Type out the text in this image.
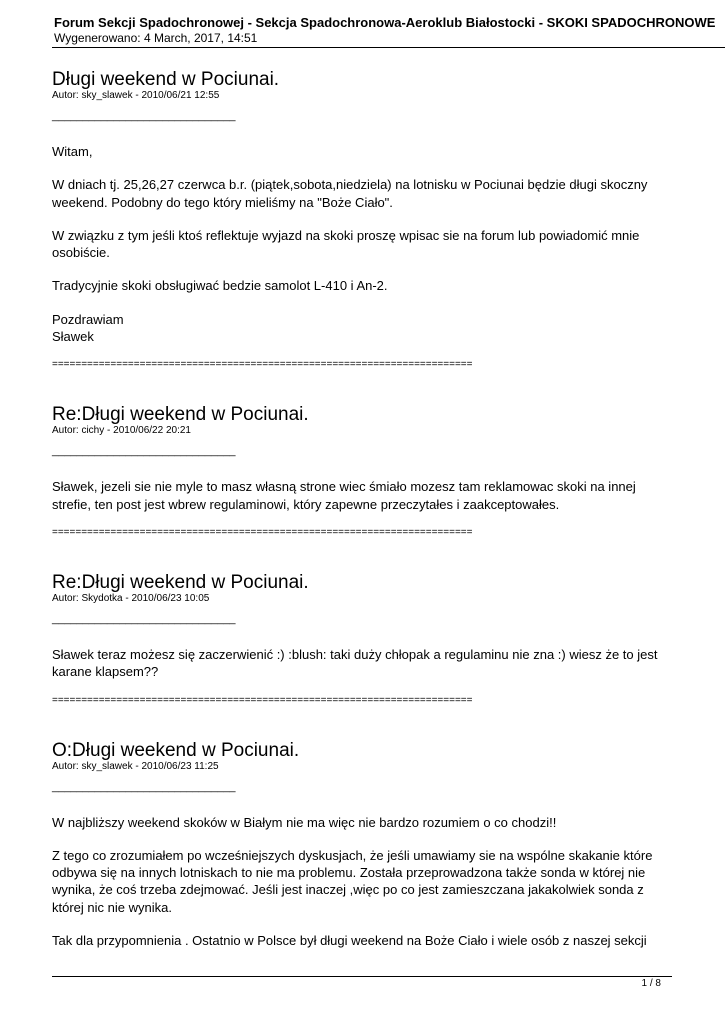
Forum Sekcji Spadochronowej - Sekcja Spadochronowa-Aeroklub Białostocki - SKOKI SPADOCHRONOWE
Wygenerowano: 4 March, 2017, 14:51
Długi weekend w Pociunai.
Autor: sky_slawek - 2010/06/21 12:55
______________________________

Witam,

W dniach tj. 25,26,27 czerwca b.r. (piątek,sobota,niedziela) na lotnisku w Pociunai będzie długi skoczny weekend. Podobny do tego który mieliśmy na "Boże Ciało".

W związku z tym jeśli ktoś reflektuje wyjazd na skoki proszę wpisac sie na forum lub powiadomić mnie osobiście.

Tradycyjnie skoki obsługiwać bedzie samolot L-410 i An-2.

Pozdrawiam
Sławek

========================================================================
Re:Długi weekend w Pociunai.
Autor: cichy - 2010/06/22 20:21
______________________________

Sławek, jezeli sie nie myle to masz własną strone wiec śmiało mozesz tam reklamowac skoki na innej strefie, ten post jest wbrew regulaminowi, który zapewne przeczytałes i zaakceptowałes.

========================================================================
Re:Długi weekend w Pociunai.
Autor: Skydotka - 2010/06/23 10:05
______________________________

Sławek teraz możesz się zaczerwienić :) :blush: taki duży chłopak a regulaminu nie zna :) wiesz że to jest karane klapsem??

========================================================================
O:Długi weekend w Pociunai.
Autor: sky_slawek - 2010/06/23 11:25
______________________________

W najbliższy weekend skoków w Białym nie ma więc nie bardzo rozumiem o co chodzi!!

Z tego co zrozumiałem po wcześniejszych dyskusjach, że jeśli umawiamy sie na wspólne skakanie które odbywa się na innych lotniskach to nie ma problemu. Została przeprowadzona także sonda w której nie wynika, że coś trzeba zdejmować. Jeśli jest inaczej ,więc po co jest zamieszczana jakakolwiek sonda z której nic nie wynika.

Tak dla przypomnienia . Ostatnio w Polsce był długi weekend na Boże Ciało i wiele osób z naszej sekcji

1 / 8
